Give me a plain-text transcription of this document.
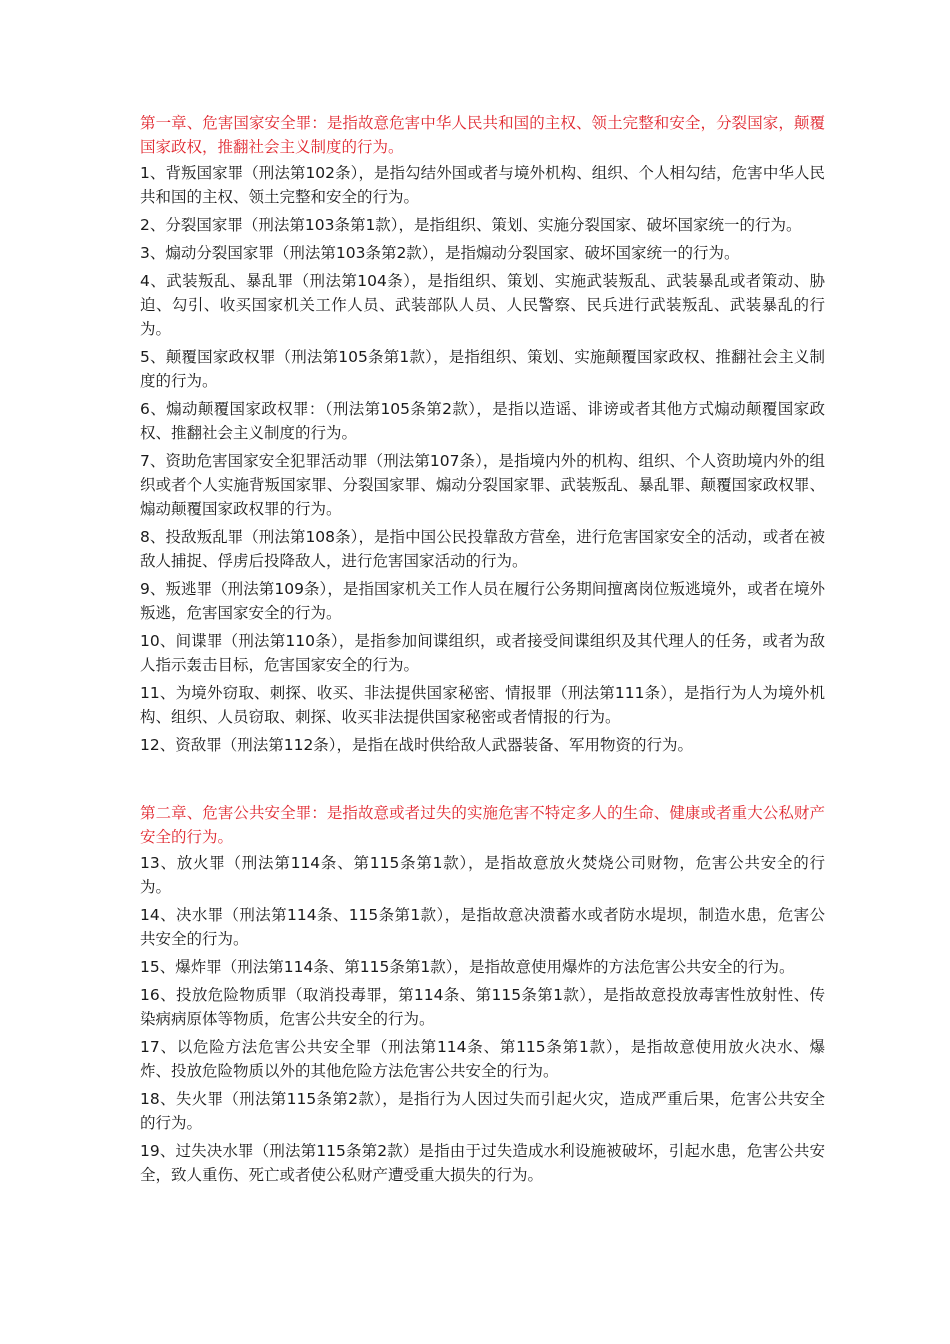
第一章、危害国家安全罪：是指故意危害中华人民共和国的主权、领土完整和安全，分裂国家，颠覆国家政权，推翻社会主义制度的行为。

1、背叛国家罪（刑法第102条），是指勾结外国或者与境外机构、组织、个人相勾结，危害中华人民共和国的主权、领土完整和安全的行为。

2、分裂国家罪（刑法第103条第1款），是指组织、策划、实施分裂国家、破坏国家统一的行为。

3、煽动分裂国家罪（刑法第103条第2款），是指煽动分裂国家、破坏国家统一的行为。

4、武装叛乱、暴乱罪（刑法第104条），是指组织、策划、实施武装叛乱、武装暴乱或者策动、胁迫、勾引、收买国家机关工作人员、武装部队人员、人民警察、民兵进行武装叛乱、武装暴乱的行为。

5、颠覆国家政权罪（刑法第105条第1款），是指组织、策划、实施颠覆国家政权、推翻社会主义制度的行为。

6、煽动颠覆国家政权罪：（刑法第105条第2款），是指以造谣、诽谤或者其他方式煽动颠覆国家政权、推翻社会主义制度的行为。

7、资助危害国家安全犯罪活动罪（刑法第107条），是指境内外的机构、组织、个人资助境内外的组织或者个人实施背叛国家罪、分裂国家罪、煽动分裂国家罪、武装叛乱、暴乱罪、颠覆国家政权罪、煽动颠覆国家政权罪的行为。

8、投敌叛乱罪（刑法第108条），是指中国公民投靠敌方营垒，进行危害国家安全的活动，或者在被敌人捕捉、俘虏后投降敌人，进行危害国家活动的行为。

9、叛逃罪（刑法第109条），是指国家机关工作人员在履行公务期间擅离岗位叛逃境外，或者在境外叛逃，危害国家安全的行为。

10、间谍罪（刑法第110条），是指参加间谍组织，或者接受间谍组织及其代理人的任务，或者为敌人指示轰击目标，危害国家安全的行为。

11、为境外窃取、刺探、收买、非法提供国家秘密、情报罪（刑法第111条），是指行为人为境外机构、组织、人员窃取、刺探、收买非法提供国家秘密或者情报的行为。

12、资敌罪（刑法第112条），是指在战时供给敌人武器装备、军用物资的行为。

第二章、危害公共安全罪：是指故意或者过失的实施危害不特定多人的生命、健康或者重大公私财产安全的行为。

13、放火罪（刑法第114条、第115条第1款），是指故意放火焚烧公司财物，危害公共安全的行为。

14、决水罪（刑法第114条、115条第1款），是指故意决溃蓄水或者防水堤坝，制造水患，危害公共安全的行为。

15、爆炸罪（刑法第114条、第115条第1款），是指故意使用爆炸的方法危害公共安全的行为。

16、投放危险物质罪（取消投毒罪，第114条、第115条第1款），是指故意投放毒害性放射性、传染病病原体等物质，危害公共安全的行为。

17、以危险方法危害公共安全罪（刑法第114条、第115条第1款），是指故意使用放火决水、爆炸、投放危险物质以外的其他危险方法危害公共安全的行为。

18、失火罪（刑法第115条第2款），是指行为人因过失而引起火灾，造成严重后果，危害公共安全的行为。

19、过失决水罪（刑法第115条第2款）是指由于过失造成水利设施被破坏，引起水患，危害公共安全，致人重伤、死亡或者使公私财产遭受重大损失的行为。
